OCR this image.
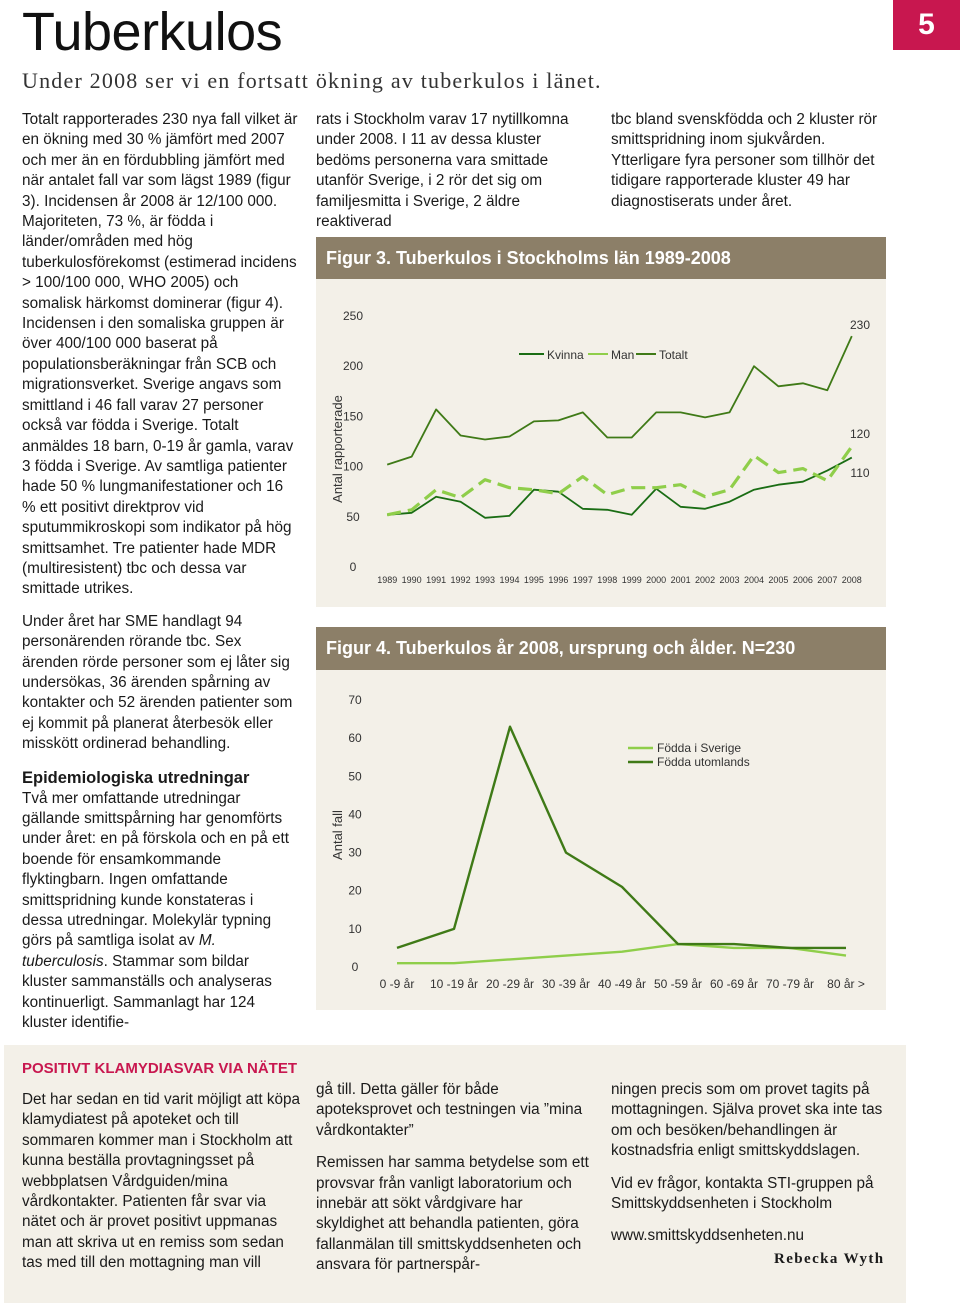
Tuberkulos	5
Under 2008 ser vi en fortsatt ökning av tuberkulos i länet.

Totalt rapporterades 230 nya fall vilket är en ökning med 30 % jämfört med 2007 och mer än en fördubbling jämfört med när antalet fall var som lägst 1989 (figur 3). Incidensen år 2008 är 12/100 000. Majoriteten, 73 %, är födda i länder/områden med hög tuberkulosförekomst (estimerad incidens > 100/100 000, WHO 2005) och somalisk härkomst dominerar (figur 4). Incidensen i den somaliska gruppen är över 400/100 000 baserat på populationsberäkningar från SCB och migrationsverket. Sverige angavs som smittland i 46 fall varav 27 personer också var födda i Sverige. Totalt anmäldes 18 barn, 0-19 år gamla, varav 3 födda i Sverige. Av samtliga patienter hade 50 % lungmanifestationer och 16 % ett positivt direktprov vid sputummikroskopi som indikator på hög smittsamhet. Tre patienter hade MDR (multiresistent) tbc och dessa var smittade utrikes.

Under året har SME handlagt 94 personärenden rörande tbc. Sex ärenden rörde personer som ej låter sig undersökas, 36 ärenden spårning av kontakter och 52 ärenden patienter som ej kommit på planerat återbesök eller misskött ordinerad behandling.

Epidemiologiska utredningar

Två mer omfattande utredningar gällande smittspårning har genomförts under året: en på förskola och en på ett boende för ensamkommande flyktingbarn. Ingen omfattande smittspridning kunde konstateras i dessa utredningar. Molekylär typning görs på samtliga isolat av M. tuberculosis. Stammar som bildar kluster sammanställs och analyseras kontinuerligt. Sammanlagt har 124 kluster identifie-

rats i Stockholm varav 17 nytillkomna under 2008. I 11 av dessa kluster bedöms personerna vara smittade utanför Sverige, i 2 rör det sig om familjesmitta i Sverige, 2 äldre reaktiverad

tbc bland svenskfödda och 2 kluster rör smittspridning inom sjukvården. Ytterligare fyra personer som tillhör det tidigare rapporterade kluster 49 har diagnostiserats under året.

Figur 3. Tuberkulos i Stockholms län 1989-2008
Antal rapporterade
0
50
100
150
200
250
1989 1990 1991 1992 1993 1994 1995 1996 1997 1998 1999 2000 2001 2002 2003 2004 2005 2006 2007 2008
230
120
110
Kvinna Man Totalt
Figur 4. Tuberkulos år 2008, ursprung och ålder. N=230
Antal fall
0
10
20
30
40
50
60
70
0 -9 år 10 -19 år 20 -29 år 30 -39 år 40 -49 år 50 -59 år 60 -69 år 70 -79 år 80 år >
Födda i Sverige
Födda utomlands
POSITIVT KLAMYDIASVAR VIA NÄTET

Det har sedan en tid varit möjligt att köpa klamydiatest på apoteket och till sommaren kommer man i Stockholm att kunna beställa provtagningsset på webbplatsen Vårdguiden/mina vårdkontakter. Patienten får svar via nätet och är provet positivt uppmanas man att skriva ut en remiss som sedan tas med till den mottagning man vill

gå till. Detta gäller för både apoteksprovet och testningen via ”mina vårdkontakter”

Remissen har samma betydelse som ett provsvar från vanligt laboratorium och innebär att sökt vårdgivare har skyldighet att behandla patienten, göra fallanmälan till smittskyddsenheten och ansvara för partnerspår-

ningen precis som om provet tagits på mottagningen. Själva provet ska inte tas om och besöken/behandlingen är kostnadsfria enligt smittskyddslagen.

Vid ev frågor, kontakta STI-gruppen på Smittskyddsenheten i Stockholm

www.smittskyddsenheten.nu

Rebecka Wyth
